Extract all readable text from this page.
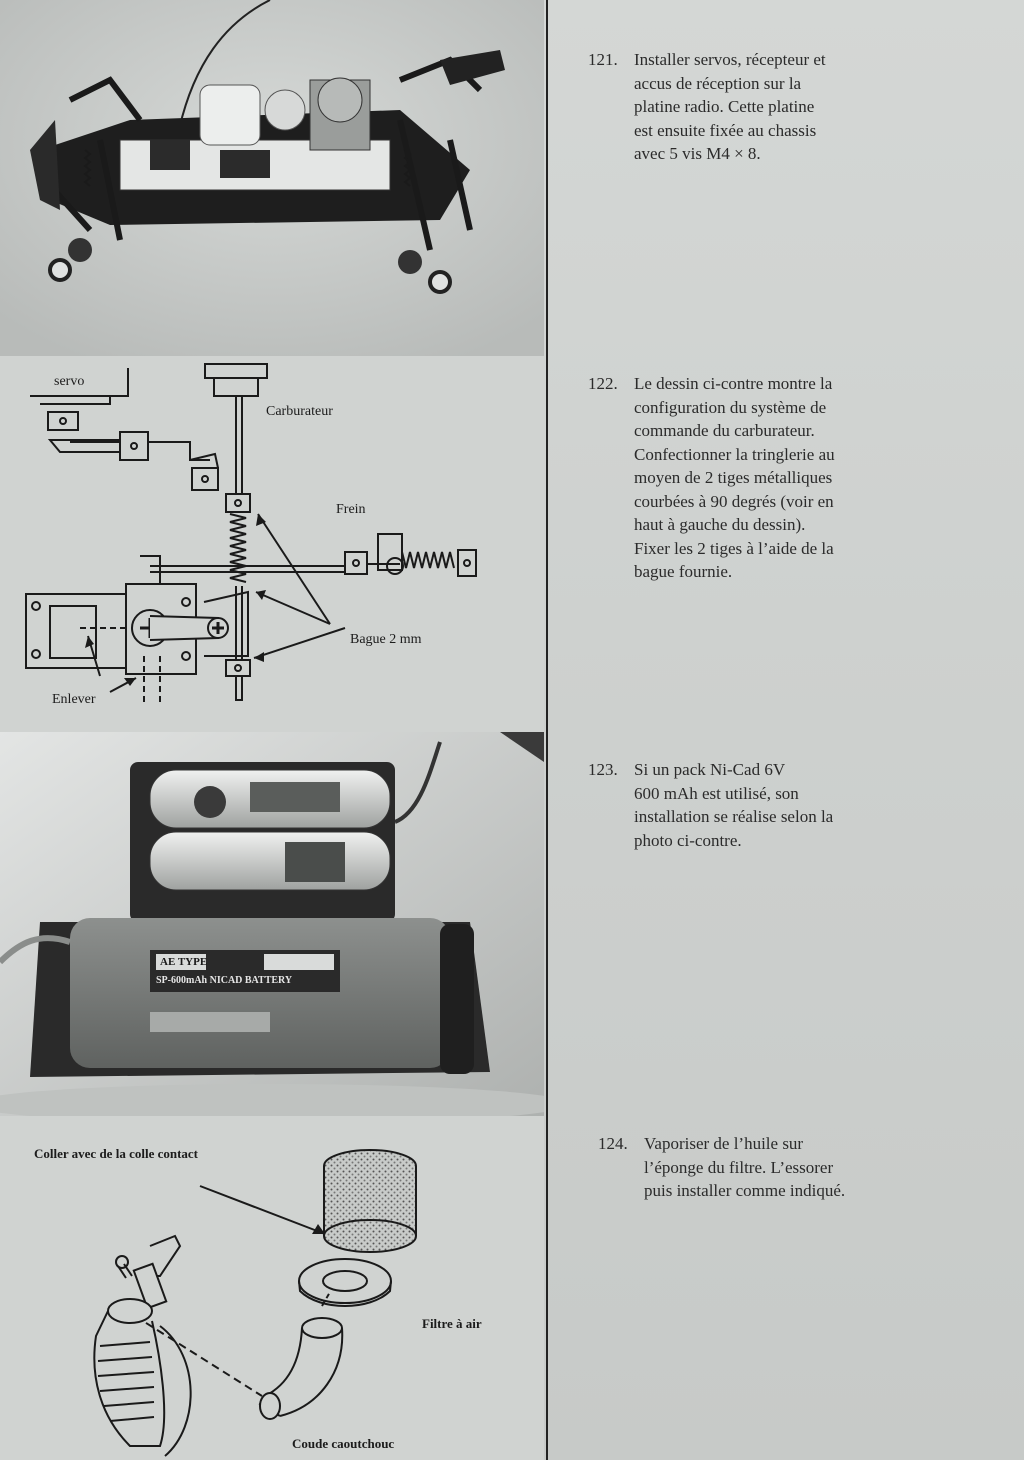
servo
Carburateur
Frein
Bague 2 mm
Enlever
AE TYPE
SP-600mAh NICAD BATTERY
Coller avec de la colle contact
Filtre à air
Coude caoutchouc
121. Installer servos, récepteur et
accus de réception sur la
platine radio. Cette platine
est ensuite fixée au chassis
avec 5 vis M4 × 8.
122. Le dessin ci-contre montre la
configuration du système de
commande du carburateur.
Confectionner la tringlerie au
moyen de 2 tiges métalliques
courbées à 90 degrés (voir en
haut à gauche du dessin).
Fixer les 2 tiges à l’aide de la
bague fournie.
123. Si un pack Ni-Cad 6V
600 mAh est utilisé, son
installation se réalise selon la
photo ci-contre.
124. Vaporiser de l’huile sur
l’éponge du filtre. L’essorer
puis installer comme indiqué.
